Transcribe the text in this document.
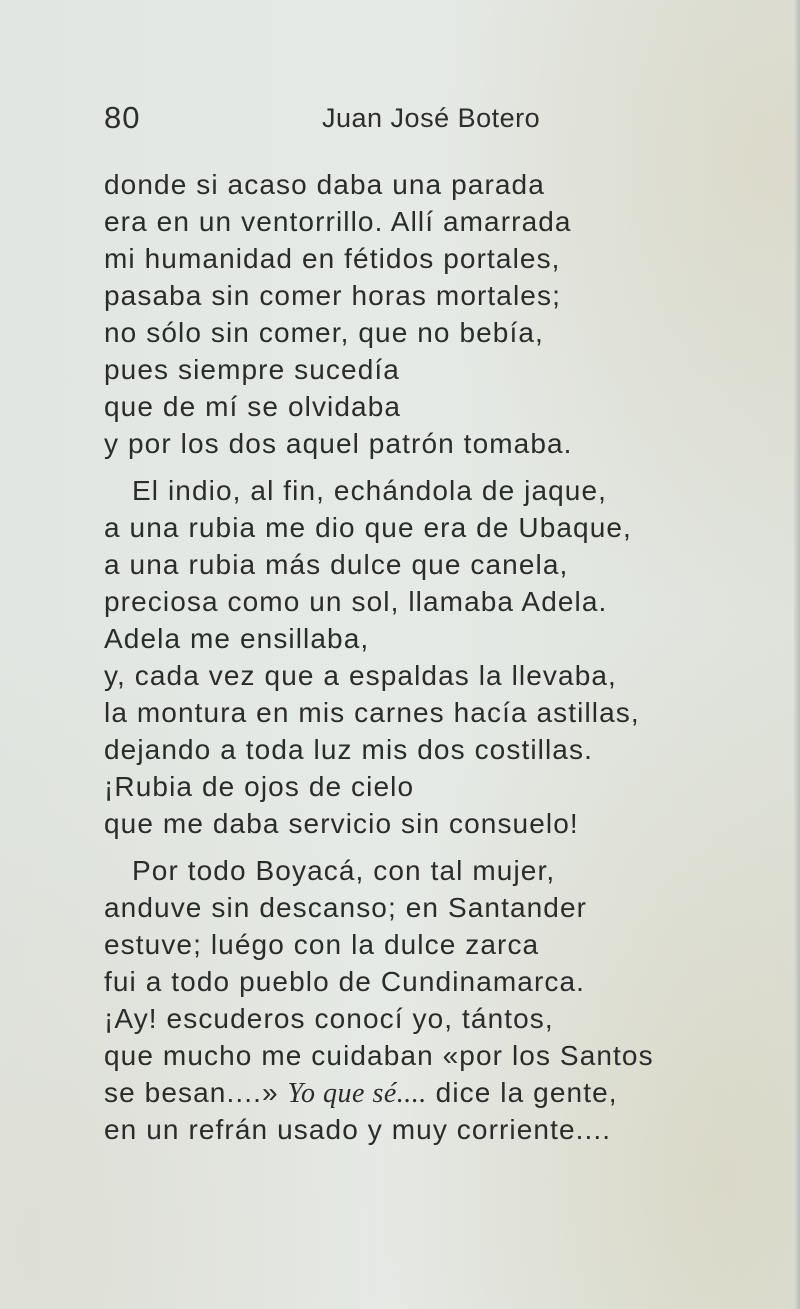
80	Juan José Botero
donde si acaso daba una parada
era en un ventorrillo. Allí amarrada
mi humanidad en fétidos portales,
pasaba sin comer horas mortales;
no sólo sin comer, que no bebía,
pues siempre sucedía
que de mí se olvidaba
y por los dos aquel patrón tomaba.
El indio, al fin, echándola de jaque,
a una rubia me dio que era de Ubaque,
a una rubia más dulce que canela,
preciosa como un sol, llamaba Adela.
Adela me ensillaba,
y, cada vez que a espaldas la llevaba,
la montura en mis carnes hacía astillas,
dejando a toda luz mis dos costillas.
¡Rubia de ojos de cielo
que me daba servicio sin consuelo!
Por todo Boyacá, con tal mujer,
anduve sin descanso; en Santander
estuve; luégo con la dulce zarca
fui a todo pueblo de Cundinamarca.
¡Ay! escuderos conocí yo, tántos,
que mucho me cuidaban «por los Santos
se besan....» Yo que sé.... dice la gente,
en un refrán usado y muy corriente....
